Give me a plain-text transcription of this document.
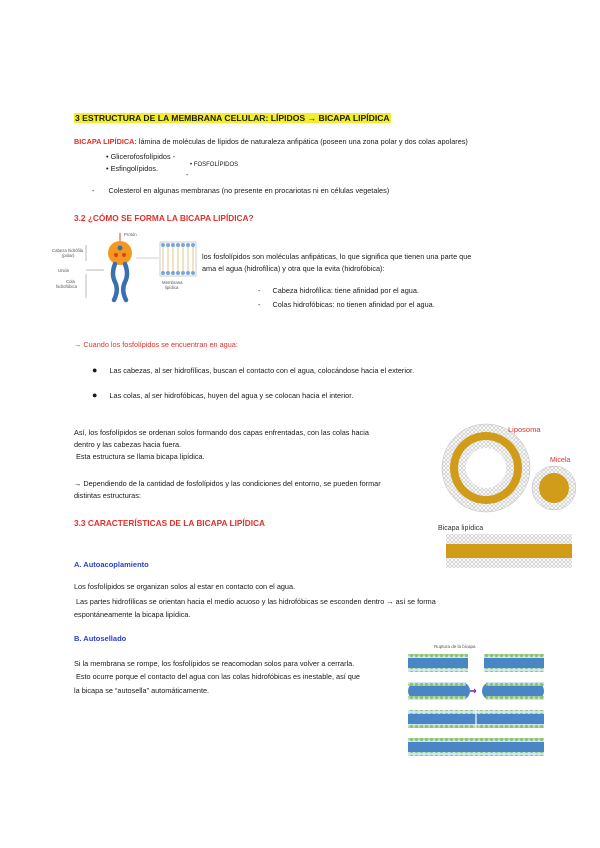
3 ESTRUCTURA DE LA MEMBRANA CELULAR: LÍPIDOS → BICAPA LIPÍDICA
BICAPA LIPÍDICA: lámina de moléculas de lípidos de naturaleza anfipática (poseen una zona polar y dos colas apolares)
• Glicerofosfolípidos -
• Esfingolípidos.	• FOSFOLÍPIDOS
-
- Colesterol en algunas membranas (no presente en procariotas ni en células vegetales)
3.2 ¿CÓMO SE FORMA LA BICAPA LIPÍDICA?
Protón
Cabeza hidrófila
(polar)
Unión
Cola
hidrofóbica
Membrana
lipídica
los fosfolípidos son moléculas anfipáticas, lo que significa que tienen una parte que
ama el agua (hidrofílica) y otra que la evita (hidrofóbica):
- Cabeza hidrofílica: tiene afinidad por el agua.
- Colas hidrofóbicas: no tienen afinidad por el agua.
→ Cuando los fosfolípidos se encuentran en agua:
● Las cabezas, al ser hidrofílicas, buscan el contacto con el agua, colocándose hacia el exterior.
● Las colas, al ser hidrofóbicas, huyen del agua y se colocan hacia el interior.
Así, los fosfolípidos se ordenan solos formando dos capas enfrentadas, con las colas hacia
dentro y las cabezas hacia fuera.
Esta estructura se llama bicapa lipídica.
→ Dependiendo de la cantidad de fosfolípidos y las condiciones del entorno, se pueden formar
distintas estructuras:
Liposoma
Micela
Bicapa lipídica
3.3 CARACTERÍSTICAS DE LA BICAPA LIPÍDICA
A. Autoacoplamiento
Los fosfolípidos se organizan solos al estar en contacto con el agua.
Las partes hidrofílicas se orientan hacia el medio acuoso y las hidrofóbicas se esconden dentro → así se forma
espontáneamente la bicapa lipídica.
B. Autosellado
Si la membrana se rompe, los fosfolípidos se reacomodan solos para volver a cerrarla.
Esto ocurre porque el contacto del agua con las colas hidrofóbicas es inestable, así que
la bicapa se “autosella” automáticamente.
Ruptura de la bicapa
